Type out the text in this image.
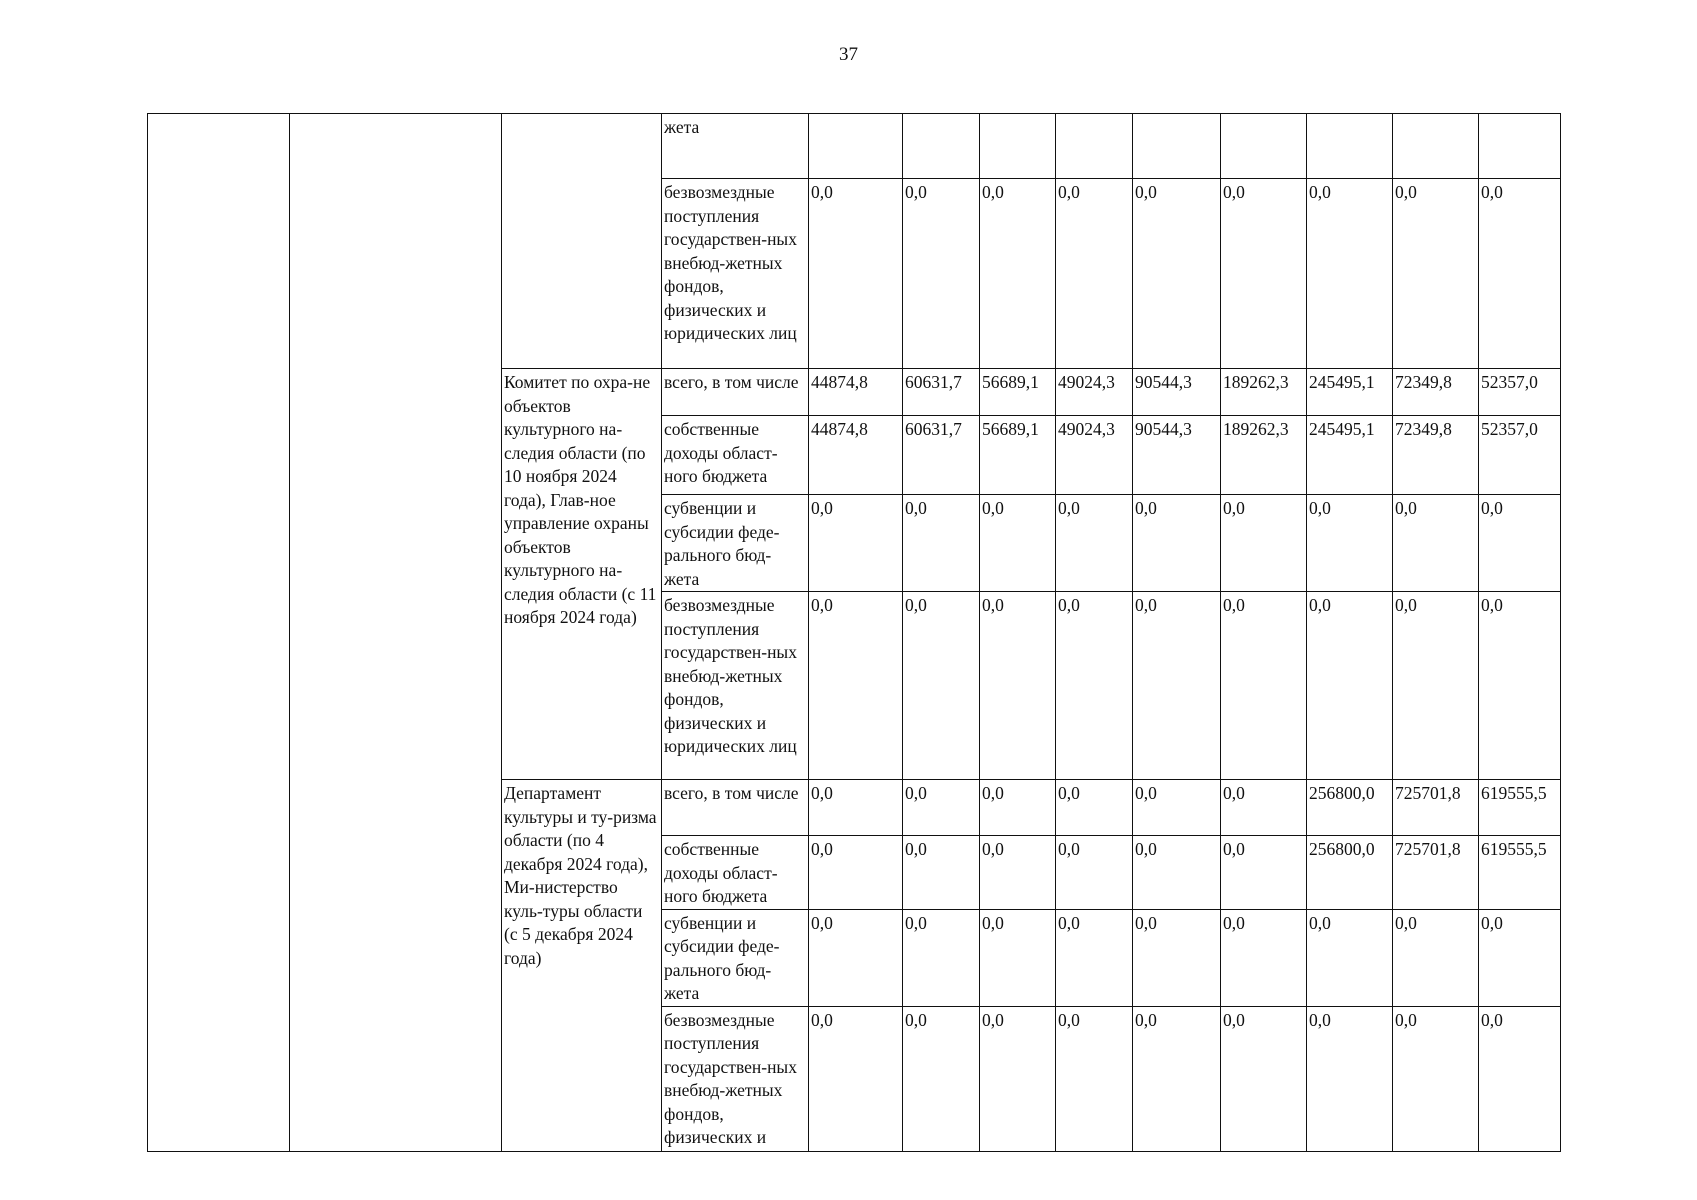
37
			жета									
			безвозмездные поступления государствен-ных внебюд-жетных фондов, физических и юридических лиц	0,0	0,0	0,0	0,0	0,0	0,0	0,0	0,0	0,0
		Комитет по охра-не объектов культурного на-следия области (по 10 ноября 2024 года), Глав-ное управление охраны объектов культурного на-следия области (с 11 ноября 2024 года)	всего, в том числе	44874,8	60631,7	56689,1	49024,3	90544,3	189262,3	245495,1	72349,8	52357,0
			собственные доходы област-ного бюджета	44874,8	60631,7	56689,1	49024,3	90544,3	189262,3	245495,1	72349,8	52357,0
			субвенции и субсидии феде-рального бюд-жета	0,0	0,0	0,0	0,0	0,0	0,0	0,0	0,0	0,0
			безвозмездные поступления государствен-ных внебюд-жетных фондов, физических и юридических лиц	0,0	0,0	0,0	0,0	0,0	0,0	0,0	0,0	0,0
		Департамент культуры и ту-ризма области (по 4 декабря 2024 года), Ми-нистерство куль-туры области (с 5 декабря 2024 года)	всего, в том числе	0,0	0,0	0,0	0,0	0,0	0,0	256800,0	725701,8	619555,5
			собственные доходы област-ного бюджета	0,0	0,0	0,0	0,0	0,0	0,0	256800,0	725701,8	619555,5
			субвенции и субсидии феде-рального бюд-жета	0,0	0,0	0,0	0,0	0,0	0,0	0,0	0,0	0,0
			безвозмездные поступления государствен-ных внебюд-жетных фондов, физических и	0,0	0,0	0,0	0,0	0,0	0,0	0,0	0,0	0,0
